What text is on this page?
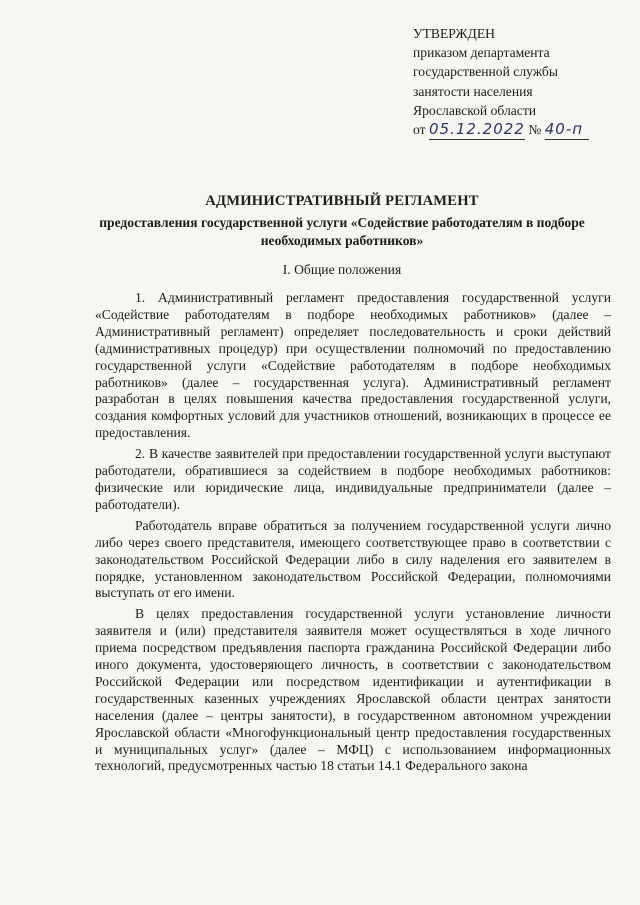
УТВЕРЖДЕН
приказом департамента
государственной службы
занятости населения
Ярославской области
от 05.12.2022 № 40-п
АДМИНИСТРАТИВНЫЙ РЕГЛАМЕНТ
предоставления государственной услуги «Содействие работодателям в подборе необходимых работников»
I. Общие положения

1. Административный регламент предоставления государственной услуги «Содействие работодателям в подборе необходимых работников» (далее – Административный регламент) определяет последовательность и сроки действий (административных процедур) при осуществлении полномочий по предоставлению государственной услуги «Содействие работодателям в подборе необходимых работников» (далее – государственная услуга). Административный регламент разработан в целях повышения качества предоставления государственной услуги, создания комфортных условий для участников отношений, возникающих в процессе ее предоставления.

2. В качестве заявителей при предоставлении государственной услуги выступают работодатели, обратившиеся за содействием в подборе необходимых работников: физические или юридические лица, индивидуальные предприниматели (далее – работодатели).

Работодатель вправе обратиться за получением государственной услуги лично либо через своего представителя, имеющего соответствующее право в соответствии с законодательством Российской Федерации либо в силу наделения его заявителем в порядке, установленном законодательством Российской Федерации, полномочиями выступать от его имени.

В целях предоставления государственной услуги установление личности заявителя и (или) представителя заявителя может осуществляться в ходе личного приема посредством предъявления паспорта гражданина Российской Федерации либо иного документа, удостоверяющего личность, в соответствии с законодательством Российской Федерации или посредством идентификации и аутентификации в государственных казенных учреждениях Ярославской области центрах занятости населения (далее – центры занятости), в государственном автономном учреждении Ярославской области «Многофункциональный центр предоставления государственных и муниципальных услуг» (далее – МФЦ) с использованием информационных технологий, предусмотренных частью 18 статьи 14.1 Федерального закона
